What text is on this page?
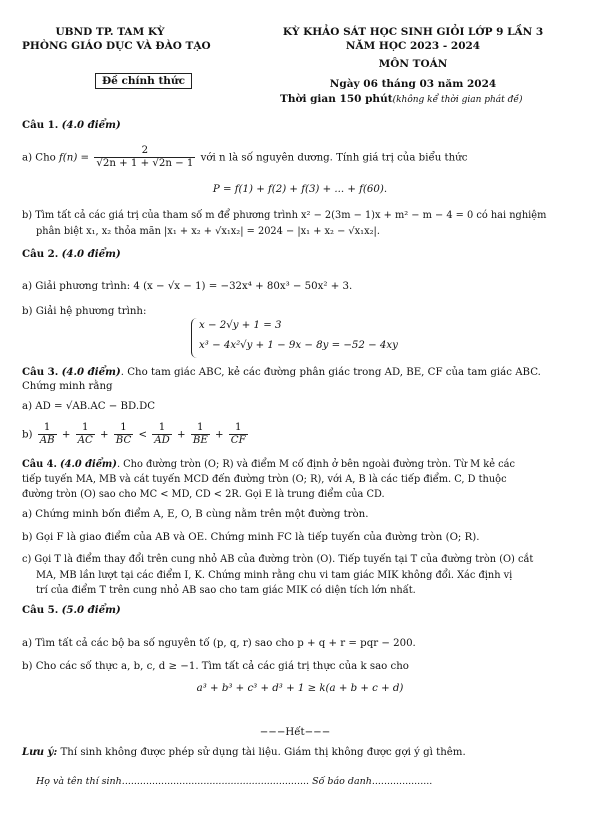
UBND TP. TAM KỲ
PHÒNG GIÁO DỤC VÀ ĐÀO TẠO
Đề chính thức
KỲ KHẢO SÁT HỌC SINH GIỎI LỚP 9 LẦN 3
NĂM HỌC 2023 - 2024
MÔN TOÁN
Ngày 06 tháng 03 năm 2024
Thời gian 150 phút(không kể thời gian phát đề)
Câu 1. (4.0 điểm)
a) Cho $f(n) = \frac{2}{√2n + 1 + √2n - 1}$ với n là số nguyên dương. Tính giá trị của biểu thức
P = f(1) + f(2) + f(3) + ... + f(60).
b) Tìm tất cả các giá trị của tham số m để phương trình x² − 2(3m − 1)x + m² − m − 4 = 0 có hai nghiệm
phân biệt x₁, x₂ thỏa mãn |x₁ + x₂ + √x₁x₂| = 2024 − |x₁ + x₂ − √x₁x₂|.
Câu 2. (4.0 điểm)
a) Giải phương trình: 4 (x − √x − 1) = −32x⁴ + 80x³ − 50x² + 3.
b) Giải hệ phương trình:
x − 2√y + 1 = 3
x³ − 4x²√y + 1 − 9x − 8y = −52 − 4xy
Câu 3. (4.0 điểm). Cho tam giác ABC, kẻ các đường phân giác trong AD, BE, CF của tam giác ABC.
Chứng minh rằng
a) AD = √AB.AC − BD.DC
$b) \frac{1}{AB} + \frac{1}{AC} + \frac{1}{BC} < \frac{1}{AD} + \frac{1}{BE} + \frac{1}{CF}$
Câu 4. (4.0 điểm). Cho đường tròn (O; R) và điểm M cố định ở bên ngoài đường tròn. Từ M kẻ các
tiếp tuyến MA, MB và cát tuyến MCD đến đường tròn (O; R), với A, B là các tiếp điểm. C, D thuộc
đường tròn (O) sao cho MC < MD, CD < 2R. Gọi E là trung điểm của CD.
a) Chứng minh bốn điểm A, E, O, B cùng nằm trên một đường tròn.
b) Gọi F là giao điểm của AB và OE. Chứng minh FC là tiếp tuyến của đường tròn (O; R).
c) Gọi T là điểm thay đổi trên cung nhỏ AB của đường tròn (O). Tiếp tuyến tại T của đường tròn (O) cắt
MA, MB lần lượt tại các điểm I, K. Chứng minh rằng chu vi tam giác MIK không đổi. Xác định vị
trí của điểm T trên cung nhỏ AB sao cho tam giác MIK có diện tích lớn nhất.
Câu 5. (5.0 điểm)
a) Tìm tất cả các bộ ba số nguyên tố (p, q, r) sao cho p + q + r = pqr − 200.
b) Cho các số thực a, b, c, d ≥ −1. Tìm tất cả các giá trị thực của k sao cho
a³ + b³ + c³ + d³ + 1 ≥ k(a + b + c + d)
−−−Hết−−−
Lưu ý: Thí sinh không được phép sử dụng tài liệu. Giám thị không được gợi ý gì thêm.
Họ và tên thí sinh.............................................................. Số báo danh....................
